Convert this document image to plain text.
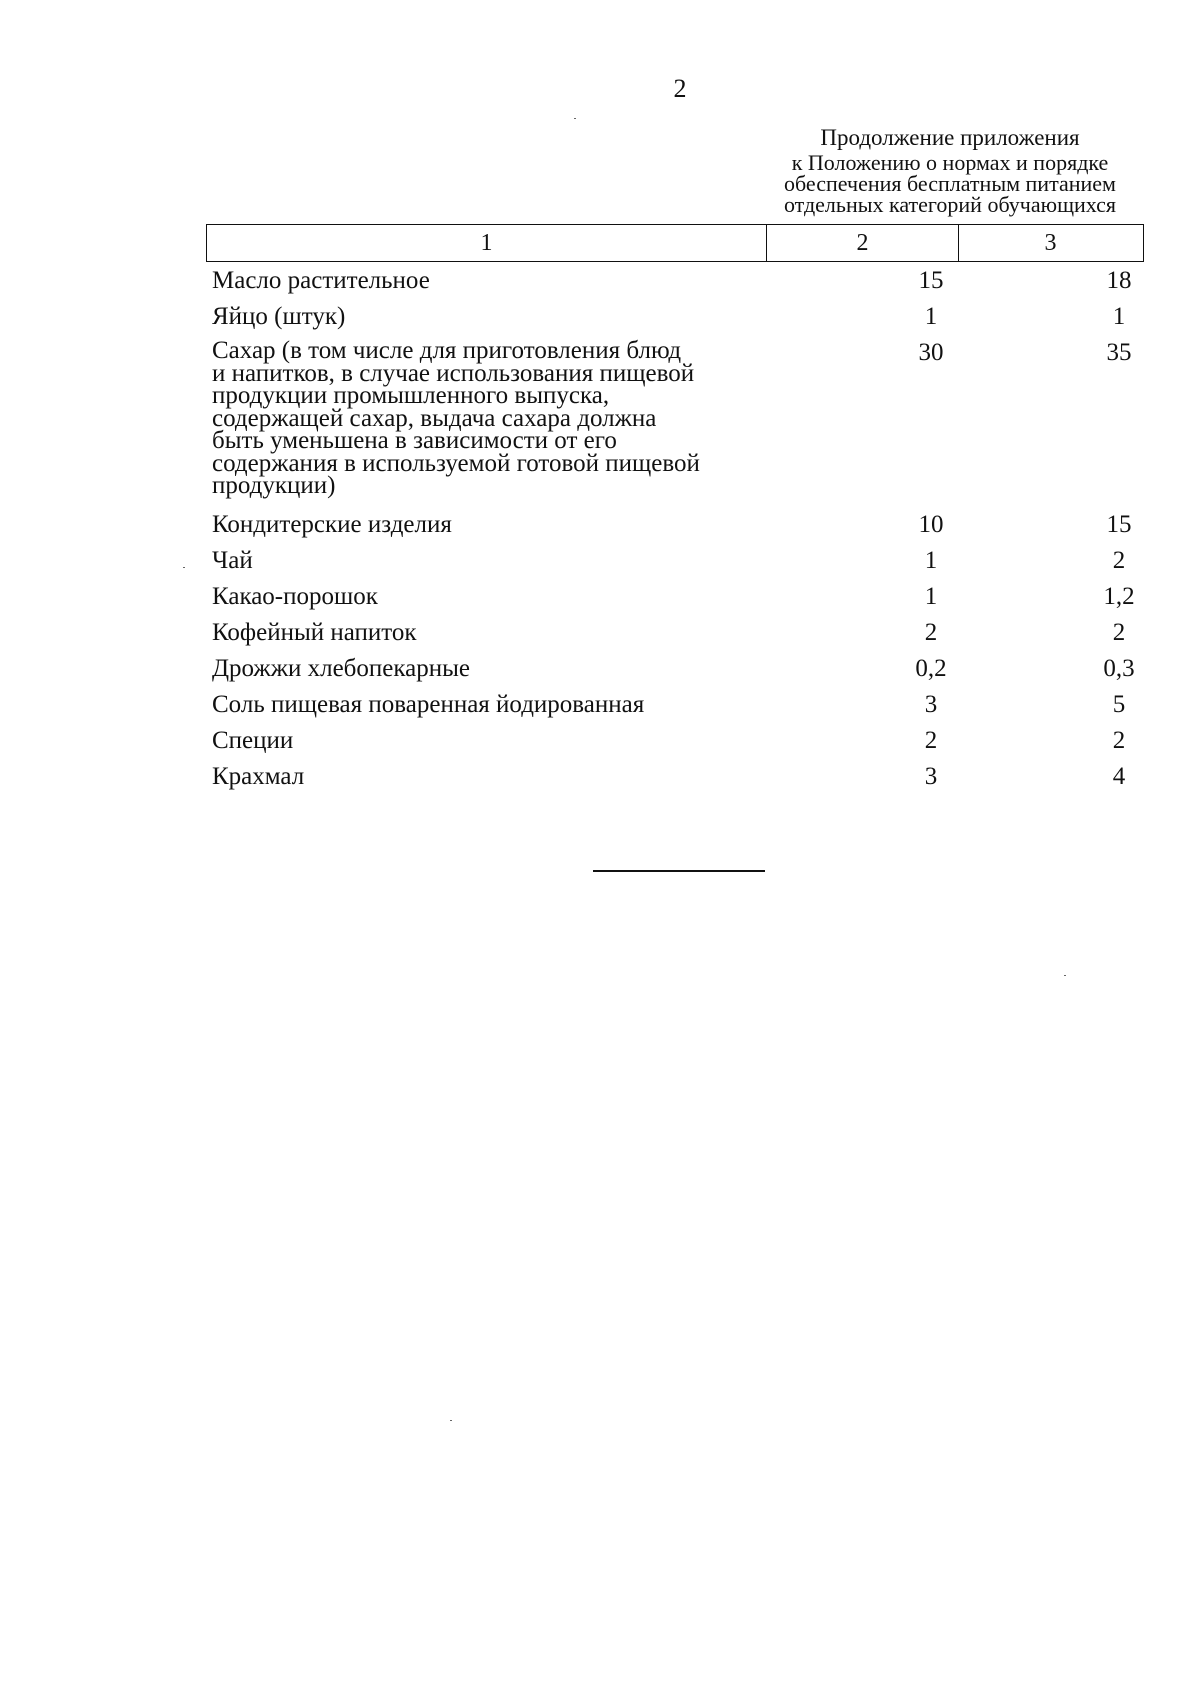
2
Продолжение приложения
к Положению о нормах и порядке
обеспечения бесплатным питанием
отдельных категорий обучающихся
1	2	3
Масло растительное	15	18
Яйцо (штук)	1	1
Сахар (в том числе для приготовления блюд
и напитков, в случае использования пищевой
продукции промышленного выпуска,
содержащей сахар, выдача сахара должна
быть уменьшена в зависимости от его
содержания в используемой готовой пищевой
продукции)
30	35
Кондитерские изделия	10	15
Чай	1	2
Какао-порошок	1	1,2
Кофейный напиток	2	2
Дрожжи хлебопекарные	0,2	0,3
Соль пищевая поваренная йодированная	3	5
Специи	2	2
Крахмал	3	4
